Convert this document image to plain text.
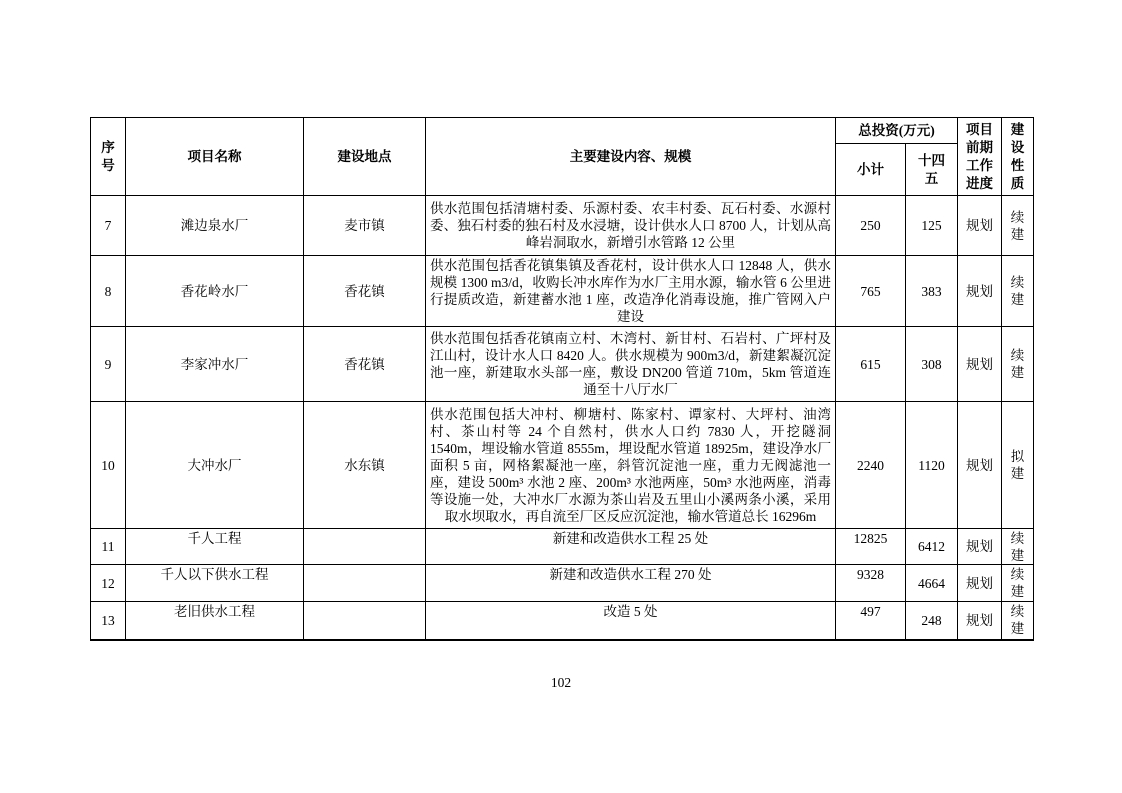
序号	项目名称	建设地点	主要建设内容、规模	总投资(万元)		项目前期工作进度	建设性质
				小计	十四五		
7	滩边泉水厂	麦市镇	供水范围包括清塘村委、乐源村委、农丰村委、瓦石村委、水源村委、独石村委的独石村及水浸塘，设计供水人口 8700 人，计划从高峰岩洞取水，新增引水管路 12 公里	250	125	规划	续建
8	香花岭水厂	香花镇	供水范围包括香花镇集镇及香花村，设计供水人口 12848 人，供水规模 1300 m3/d，收购长冲水库作为水厂主用水源，输水管 6 公里进行提质改造，新建蓄水池 1 座，改造净化消毒设施，推广管网入户建设	765	383	规划	续建
9	李家冲水厂	香花镇	供水范围包括香花镇南立村、木湾村、新甘村、石岩村、广坪村及江山村，设计水人口 8420 人。供水规模为 900m3/d，新建絮凝沉淀池一座，新建取水头部一座，敷设 DN200 管道 710m，5km 管道连通至十八厅水厂	615	308	规划	续建
10	大冲水厂	水东镇	供水范围包括大冲村、柳塘村、陈家村、谭家村、大坪村、油湾村、茶山村等 24 个自然村，供水人口约 7830 人，开挖隧洞 1540m，埋设输水管道 8555m，埋设配水管道 18925m，建设净水厂面积 5 亩，网格絮凝池一座，斜管沉淀池一座，重力无阀滤池一座，建设 500m³ 水池 2 座、200m³ 水池两座，50m³ 水池两座，消毒等设施一处，大冲水厂水源为茶山岩及五里山小溪两条小溪，采用取水坝取水，再自流至厂区反应沉淀池，输水管道总长 16296m	2240	1120	规划	拟建
11	千人工程		新建和改造供水工程 25 处	12825	6412	规划	续建
12	千人以下供水工程		新建和改造供水工程 270 处	9328	4664	规划	续建
13	老旧供水工程		改造 5 处	497	248	规划	续建
102
